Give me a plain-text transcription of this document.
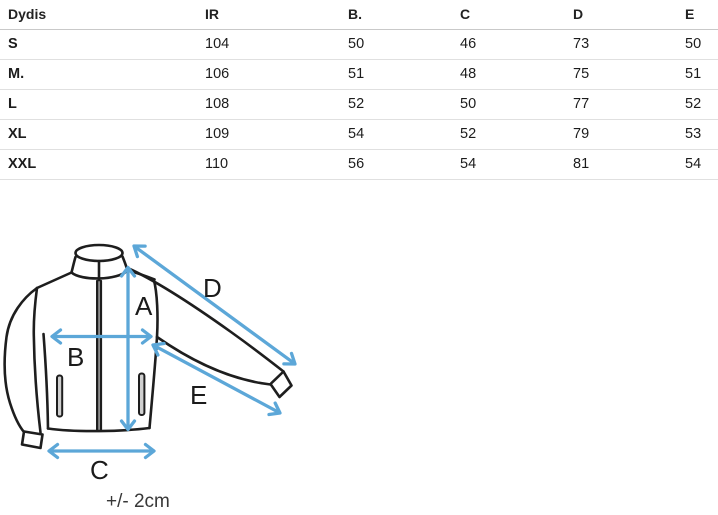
Dydis	IR	B.	C	D	E
S	104	50	46	73	50
M.	106	51	48	75	51
L	108	52	50	77	52
XL	109	54	52	79	53
XXL	110	56	54	81	54
A
B
C
D
E
+/- 2cm
